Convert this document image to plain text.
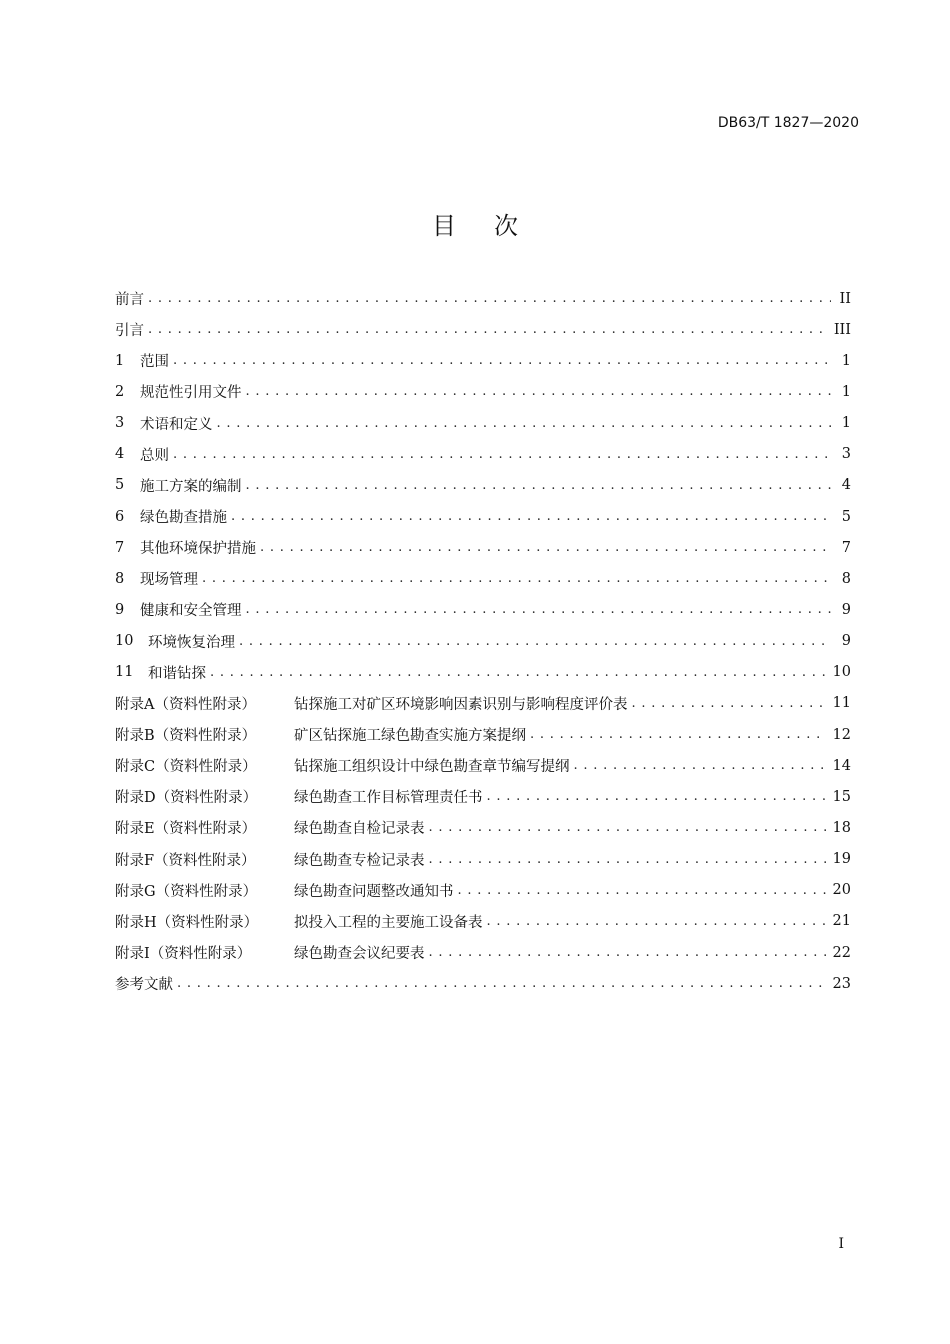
DB63/T 1827—2020
目次
前言 . . .	II
引言 . . .	III
1	范围 . . .	1
2	规范性引用文件 . . .	1
3	术语和定义 . . .	1
4	总则 . . .	3
5	施工方案的编制 . . .	4
6	绿色勘查措施 . . .	5
7	其他环境保护措施 . . .	7
8	现场管理 . . .	8
9	健康和安全管理 . . .	9
10	环境恢复治理 . . .	9
11	和谐钻探 . . .	10
附录A（资料性附录）	钻探施工对矿区环境影响因素识别与影响程度评价表 . . .	11
附录B（资料性附录）	矿区钻探施工绿色勘查实施方案提纲 . . .	12
附录C（资料性附录）	钻探施工组织设计中绿色勘查章节编写提纲 . . .	14
附录D（资料性附录）	绿色勘查工作目标管理责任书 . . .	15
附录E（资料性附录）	绿色勘查自检记录表 . . .	18
附录F（资料性附录）	绿色勘查专检记录表 . . .	19
附录G（资料性附录）	绿色勘查问题整改通知书 . . .	20
附录H（资料性附录）	拟投入工程的主要施工设备表 . . .	21
附录I（资料性附录）	绿色勘查会议纪要表 . . .	22
参考文献 . . .	23
I
